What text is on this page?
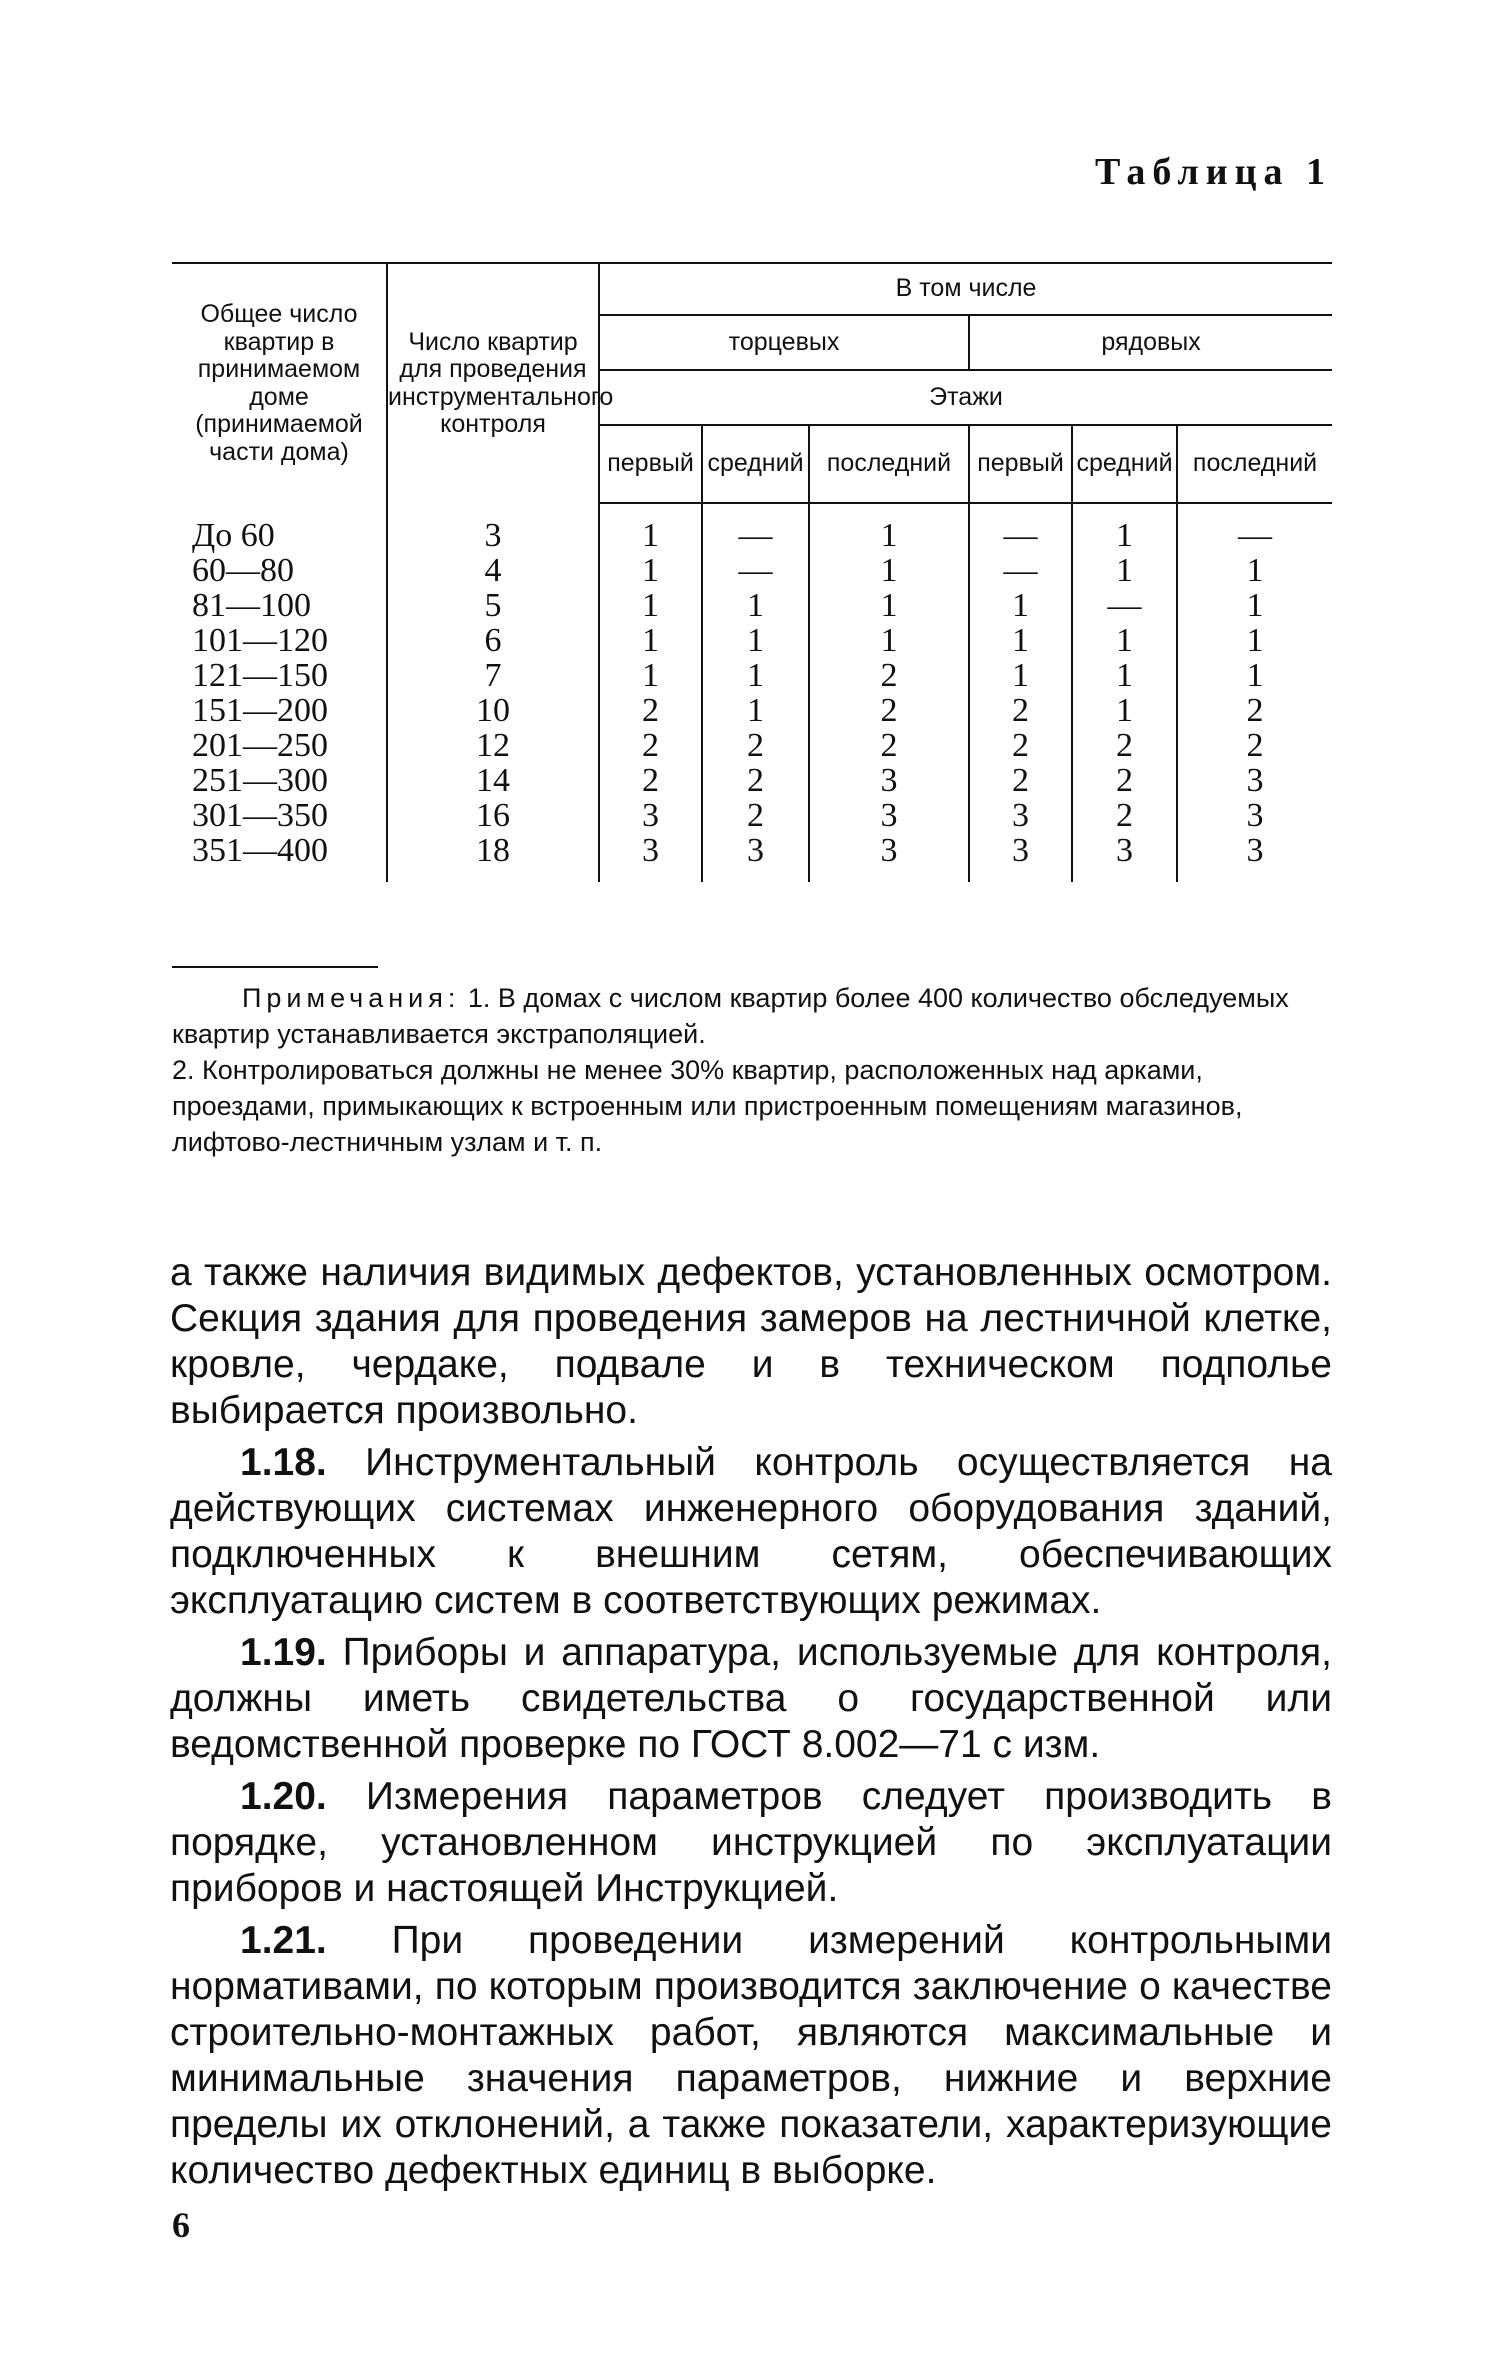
Таблица 1
Общее число квартир в принимаемом доме (принимаемой части дома)	Число квартир для проведения инструментального контроля	В том числе					
		торцевых			рядовых		
		Этажи					
		первый	средний	последний	первый	средний	последний
До 60	3	1	—	1	—	1	—
60—80	4	1	—	1	—	1	1
81—100	5	1	1	1	1	—	1
101—120	6	1	1	1	1	1	1
121—150	7	1	1	2	1	1	1
151—200	10	2	1	2	2	1	2
201—250	12	2	2	2	2	2	2
251—300	14	2	2	3	2	2	3
301—350	16	3	2	3	3	2	3
351—400	18	3	3	3	3	3	3

Примечания: 1. В домах с числом квартир более 400 количество обследуемых квартир устанавливается экстраполяцией.

2. Контролироваться должны не менее 30% квартир, расположенных над арками, проездами, примыкающих к встроенным или пристроенным помещениям магазинов, лифтово-лестничным узлам и т. п.

а также наличия видимых дефектов, установленных осмотром. Секция здания для проведения замеров на лестничной клетке, кровле, чердаке, подвале и в техническом подполье выбирается произвольно.

1.18. Инструментальный контроль осуществляется на действующих системах инженерного оборудования зданий, подключенных к внешним сетям, обеспечивающих эксплуатацию систем в соответствующих режимах.

1.19. Приборы и аппаратура, используемые для контроля, должны иметь свидетельства о государственной или ведомственной проверке по ГОСТ 8.002—71 с изм.

1.20. Измерения параметров следует производить в порядке, установленном инструкцией по эксплуатации приборов и настоящей Инструкцией.

1.21. При проведении измерений контрольными нормативами, по которым производится заключение о качестве строительно-монтажных работ, являются максимальные и минимальные значения параметров, нижние и верхние пределы их отклонений, а также показатели, характеризующие количество дефектных единиц в выборке.

6
